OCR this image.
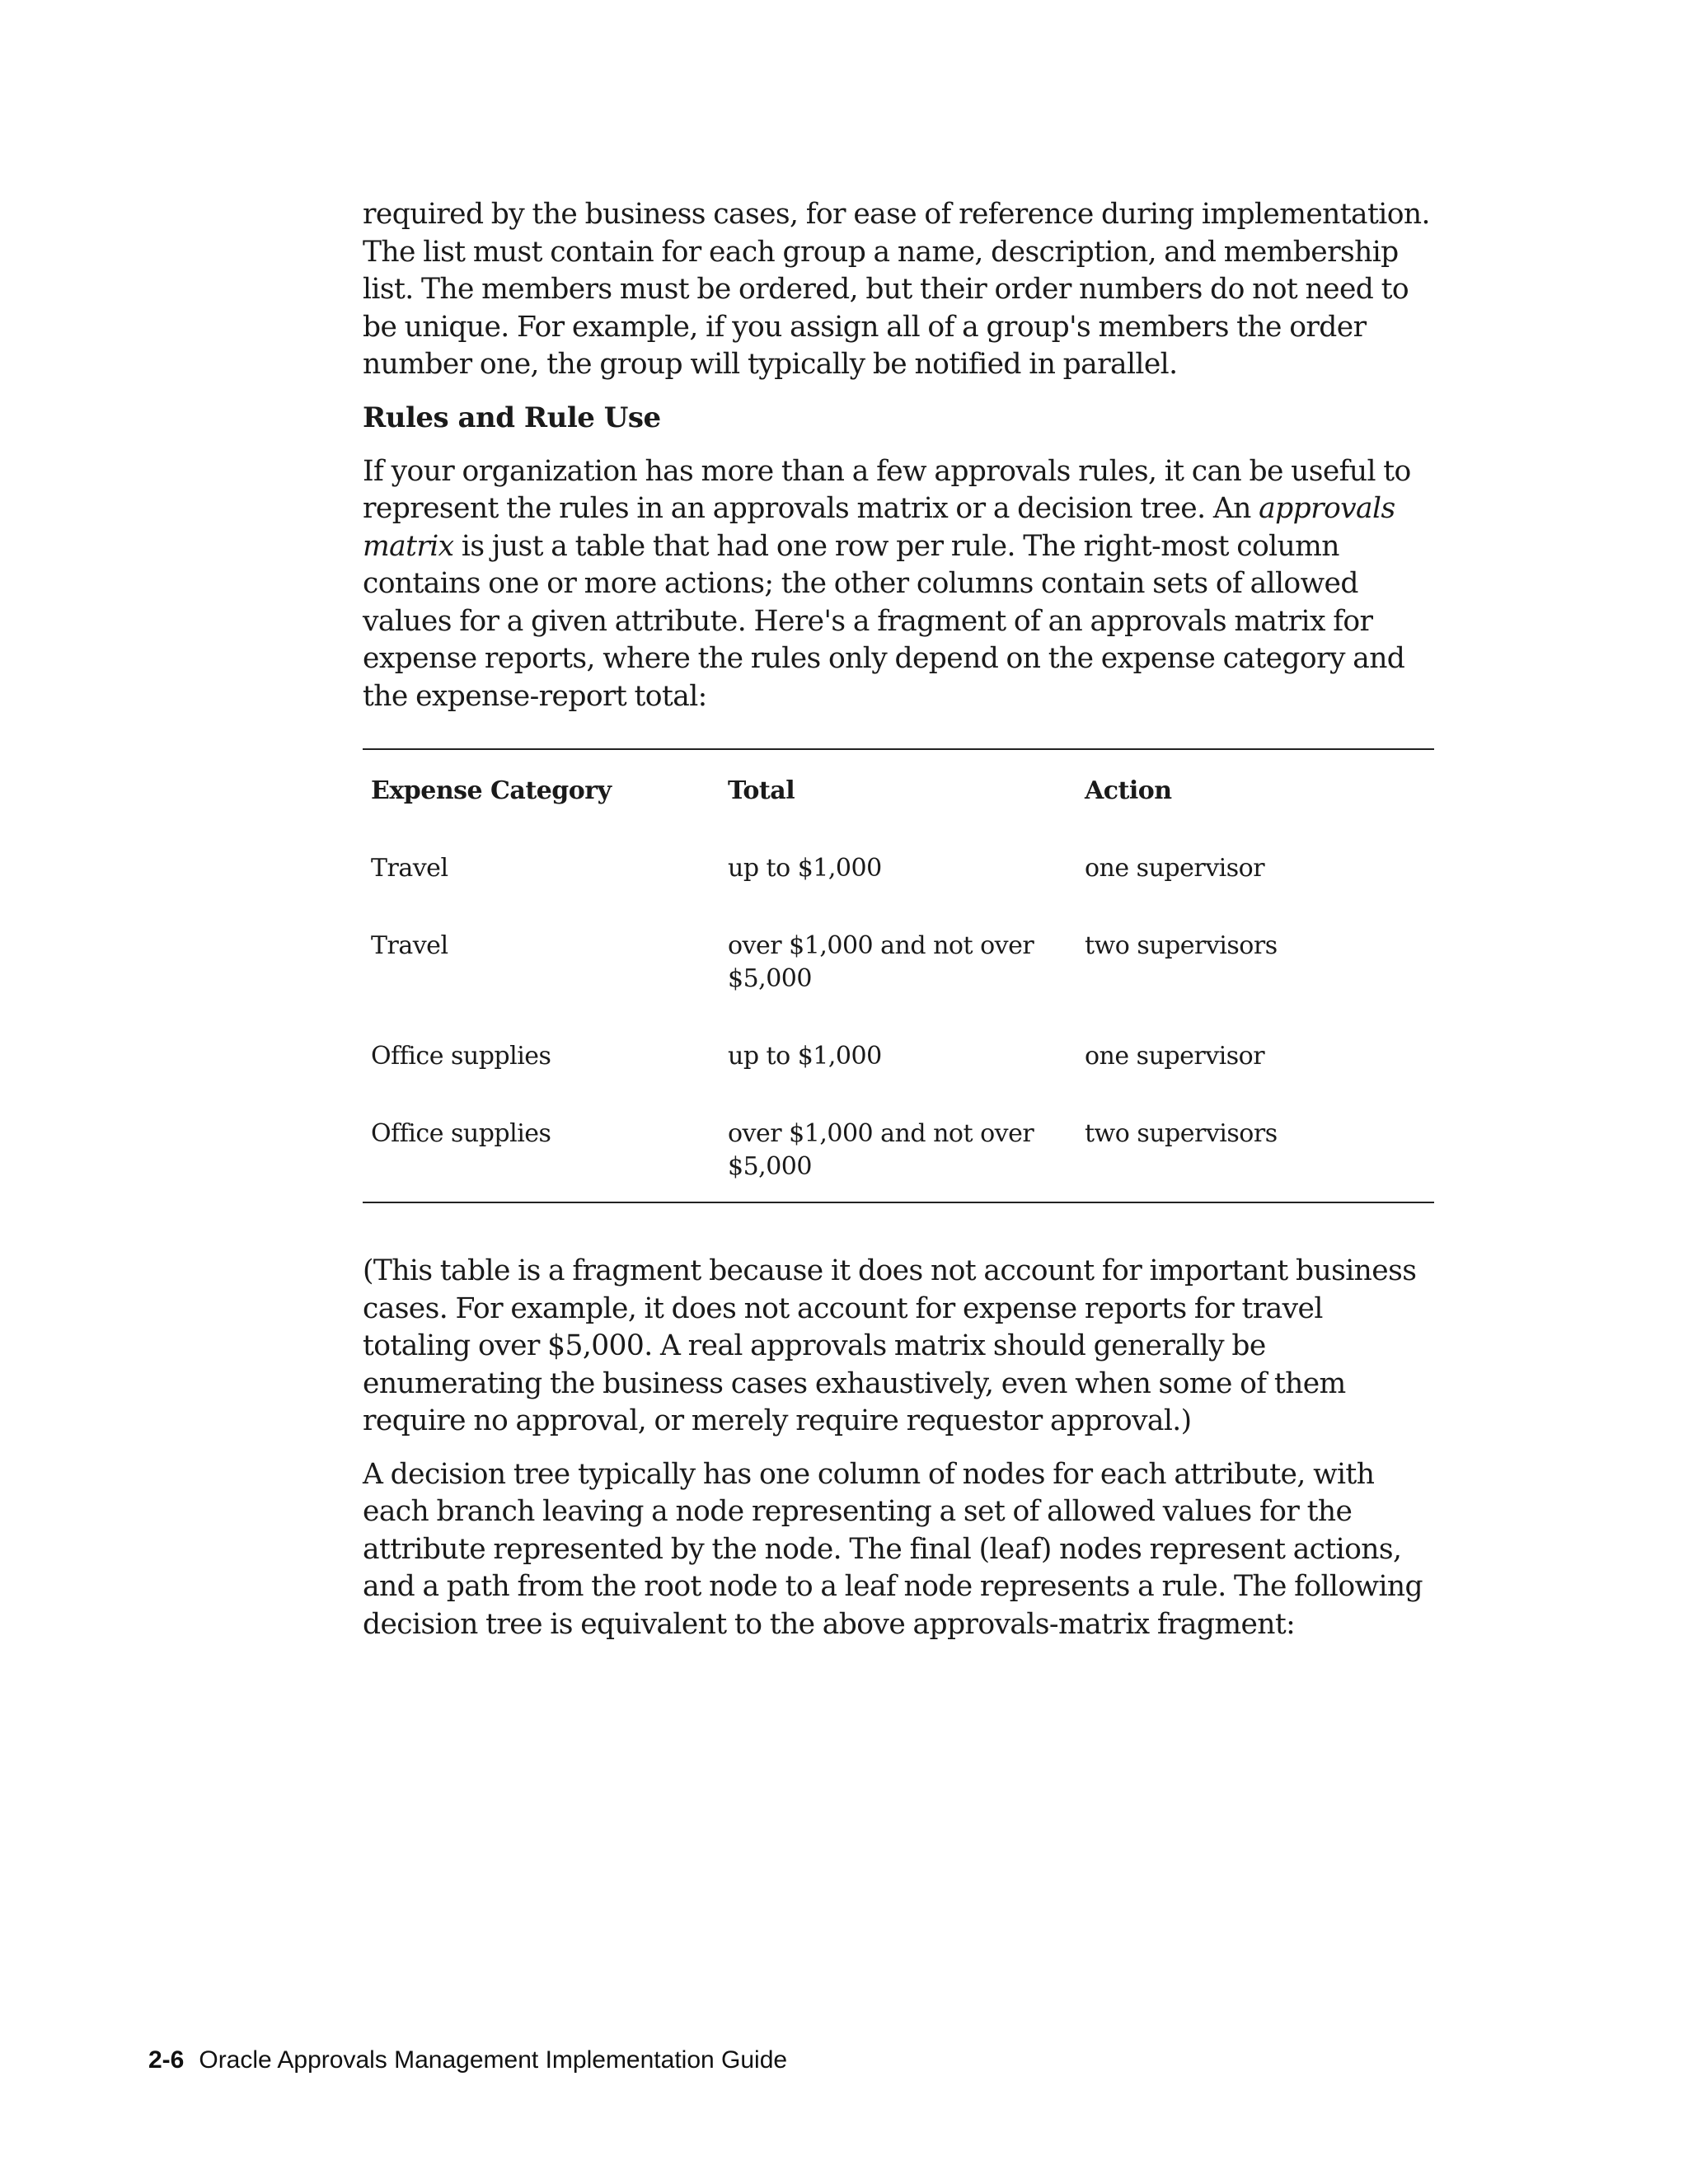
required by the business cases, for ease of reference during implementation. The list must contain for each group a name, description, and membership list. The members must be ordered, but their order numbers do not need to be unique. For example, if you assign all of a group's members the order number one, the group will typically be notified in parallel.

Rules and Rule Use

If your organization has more than a few approvals rules, it can be useful to represent the rules in an approvals matrix or a decision tree. An approvals matrix is just a table that had one row per rule. The right-most column contains one or more actions; the other columns contain sets of allowed values for a given attribute. Here's a fragment of an approvals matrix for expense reports, where the rules only depend on the expense category and the expense-report total:

Expense Category	Total	Action
Travel	up to $1,000	one supervisor
Travel	over $1,000 and not over $5,000	two supervisors
Office supplies	up to $1,000	one supervisor
Office supplies	over $1,000 and not over $5,000	two supervisors

(This table is a fragment because it does not account for important business cases. For example, it does not account for expense reports for travel totaling over $5,000. A real approvals matrix should generally be enumerating the business cases exhaustively, even when some of them require no approval, or merely require requestor approval.)

A decision tree typically has one column of nodes for each attribute, with each branch leaving a node representing a set of allowed values for the attribute represented by the node. The final (leaf) nodes represent actions, and a path from the root node to a leaf node represents a rule. The following decision tree is equivalent to the above approvals-matrix fragment:

2-6 Oracle Approvals Management Implementation Guide
